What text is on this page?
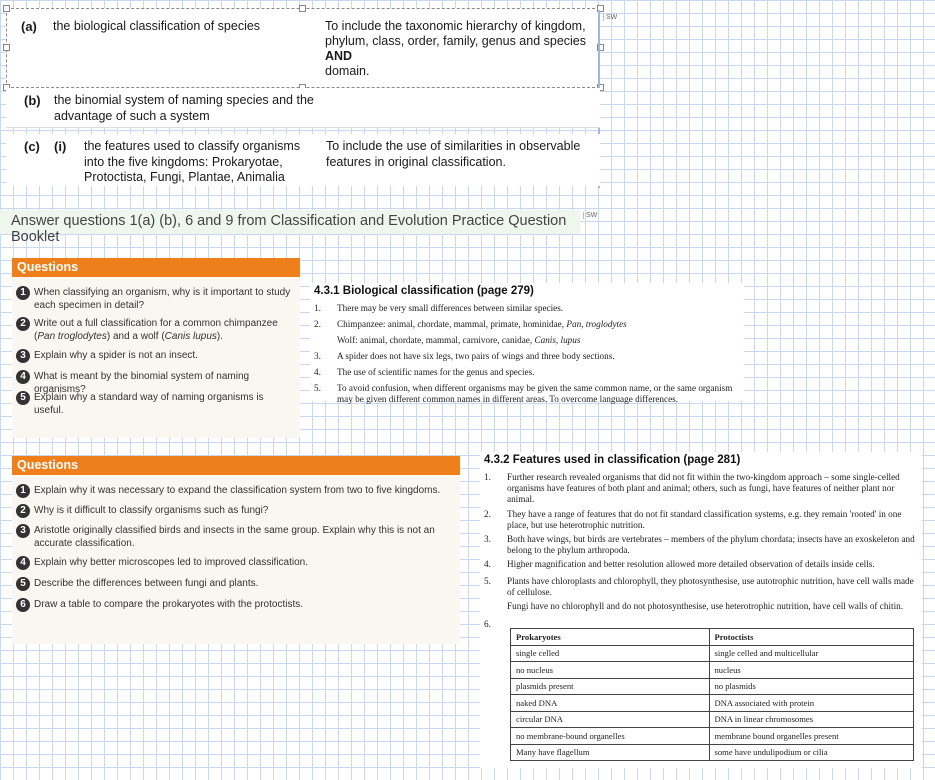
(a) the biological classification of species	To include the taxonomic hierarchy of kingdom,
phylum, class, order, family, genus and species
AND
domain.
SW
(b) the binomial system of naming species and the advantage of such a system
(c) (i) the features used to classify organisms into the five kingdoms: Prokaryotae, Protoctista, Fungi, Plantae, Animalia
To include the use of similarities in observable features in original classification.
Answer questions 1(a) (b), 6 and 9 from Classification and Evolution Practice Question Booklet
SW
Questions
1 When classifying an organism, why is it important to study each specimen in detail?
2 Write out a full classification for a common chimpanzee (Pan troglodytes) and a wolf (Canis lupus).
3 Explain why a spider is not an insect.
4 What is meant by the binomial system of naming organisms?
5 Explain why a standard way of naming organisms is useful.
4.3.1 Biological classification (page 279)
1. There may be very small differences between similar species.
2. Chimpanzee: animal, chordate, mammal, primate, hominidae, Pan, troglodytes
Wolf: animal, chordate, mammal, carnivore, canidae, Canis, lupus
3. A spider does not have six legs, two pairs of wings and three body sections.
4. The use of scientific names for the genus and species.
5. To avoid confusion, when different organisms may be given the same common name, or the same organism may be given different common names in different areas. To overcome language differences.
Questions
1 Explain why it was necessary to expand the classification system from two to five kingdoms.
2 Why is it difficult to classify organisms such as fungi?
3 Aristotle originally classified birds and insects in the same group. Explain why this is not an accurate classification.
4 Explain why better microscopes led to improved classification.
5 Describe the differences between fungi and plants.
6 Draw a table to compare the prokaryotes with the protoctists.
4.3.2 Features used in classification (page 281)
1. Further research revealed organisms that did not fit within the two-kingdom approach – some single-celled organisms have features of both plant and animal; others, such as fungi, have features of neither plant nor animal.
2. They have a range of features that do not fit standard classification systems, e.g. they remain 'rooted' in one place, but use heterotrophic nutrition.
3. Both have wings, but birds are vertebrates – members of the phylum chordata; insects have an exoskeleton and belong to the phylum arthropoda.
4. Higher magnification and better resolution allowed more detailed observation of details inside cells.
5. Plants have chloroplasts and chlorophyll, they photosynthesise, use autotrophic nutrition, have cell walls made of cellulose.
Fungi have no chlorophyll and do not photosynthesise, use heterotrophic nutrition, have cell walls of chitin.
6.
Prokaryotes	Protoctists
single celled	single celled and multicellular
no nucleus	nucleus
plasmids present	no plasmids
naked DNA	DNA associated with protein
circular DNA	DNA in linear chromosomes
no membrane-bound organelles	membrane bound organelles present
Many have flagellum	some have undulipodium or cilia
